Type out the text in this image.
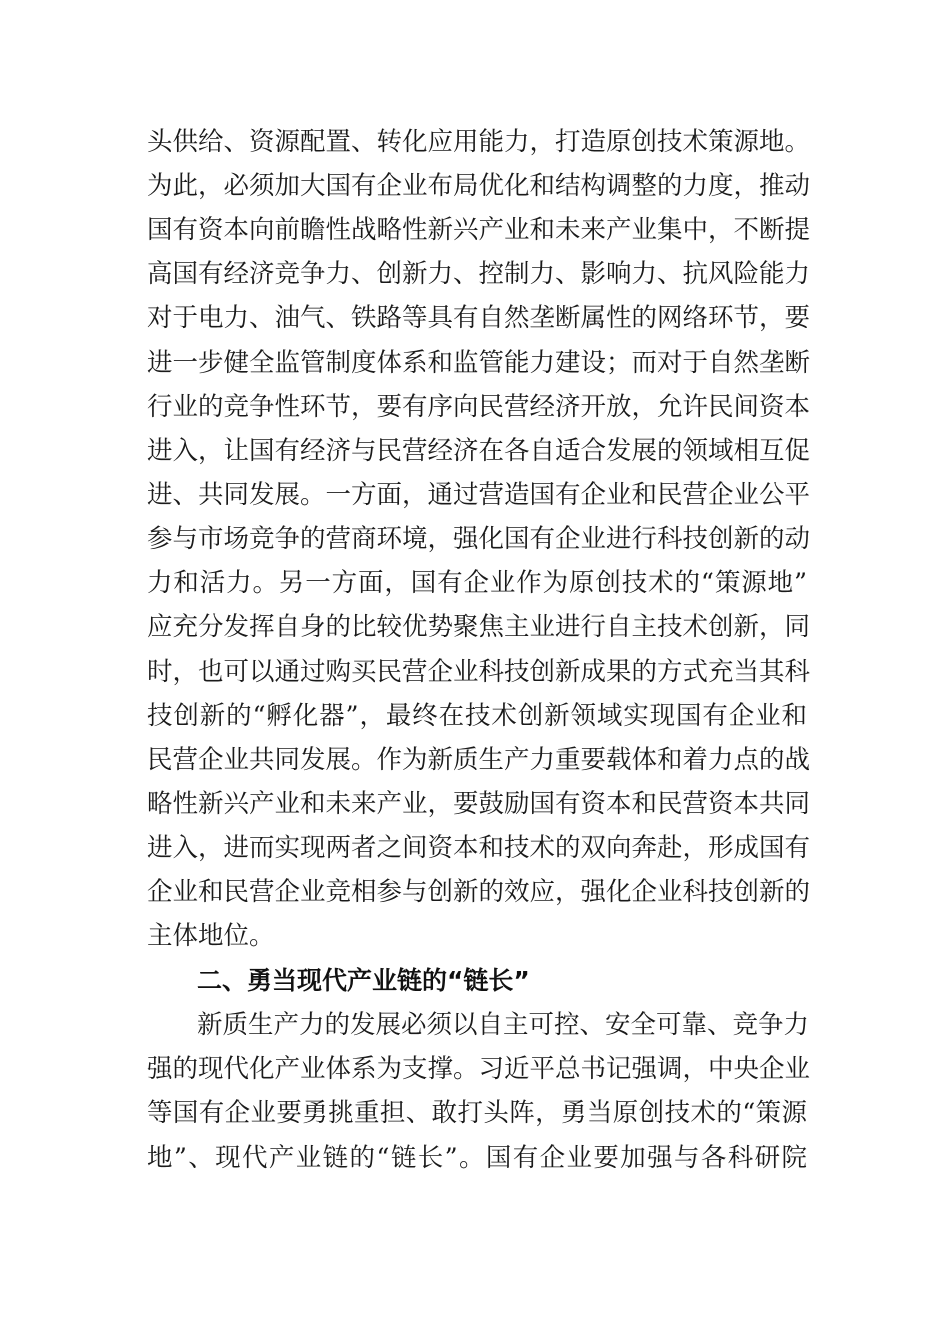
头供给、资源配置、转化应用能力，打造原创技术策源地。
为此，必须加大国有企业布局优化和结构调整的力度，推动
国有资本向前瞻性战略性新兴产业和未来产业集中，不断提
高国有经济竞争力、创新力、控制力、影响力、抗风险能力
对于电力、油气、铁路等具有自然垄断属性的网络环节，要
进一步健全监管制度体系和监管能力建设；而对于自然垄断
行业的竞争性环节，要有序向民营经济开放，允许民间资本
进入，让国有经济与民营经济在各自适合发展的领域相互促
进、共同发展。一方面，通过营造国有企业和民营企业公平
参与市场竞争的营商环境，强化国有企业进行科技创新的动
力和活力。另一方面，国有企业作为原创技术的“策源地”
应充分发挥自身的比较优势聚焦主业进行自主技术创新，同
时，也可以通过购买民营企业科技创新成果的方式充当其科
技创新的“孵化器”，最终在技术创新领域实现国有企业和
民营企业共同发展。作为新质生产力重要载体和着力点的战
略性新兴产业和未来产业，要鼓励国有资本和民营资本共同
进入，进而实现两者之间资本和技术的双向奔赴，形成国有
企业和民营企业竞相参与创新的效应，强化企业科技创新的
主体地位。
二、勇当现代产业链的“链长”
新质生产力的发展必须以自主可控、安全可靠、竞争力
强的现代化产业体系为支撑。习近平总书记强调，中央企业
等国有企业要勇挑重担、敢打头阵，勇当原创技术的“策源
地”、现代产业链的“链长”。国有企业要加强与各科研院
